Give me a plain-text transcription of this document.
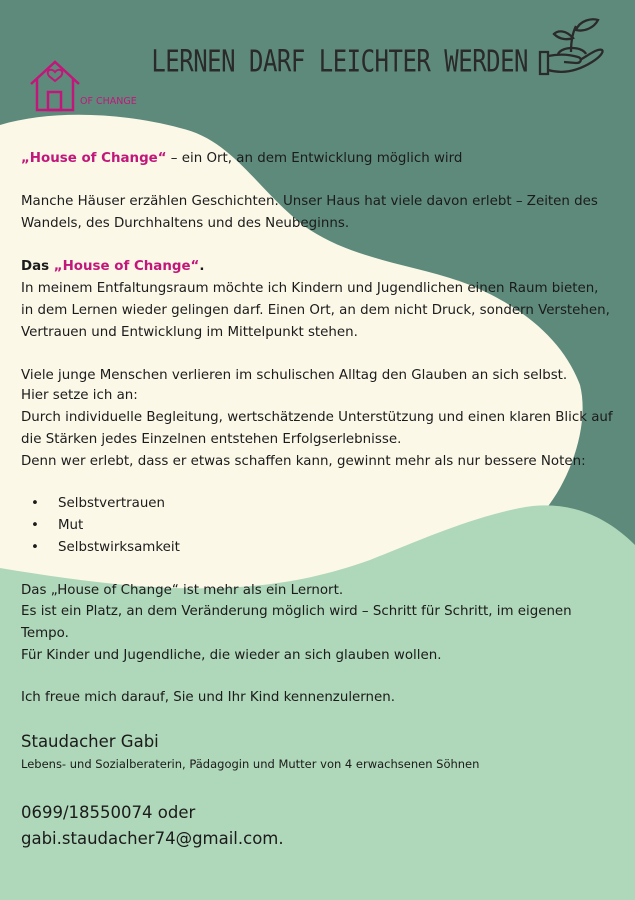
OF CHANGE
LERNEN DARF LEICHTER WERDEN
„House of Change“ – ein Ort, an dem Entwicklung möglich wird
Manche Häuser erzählen Geschichten. Unser Haus hat viele davon erlebt – Zeiten des
Wandels, des Durchhaltens und des Neubeginns.
Das „House of Change“.
In meinem Entfaltungsraum möchte ich Kindern und Jugendlichen einen Raum bieten,
in dem Lernen wieder gelingen darf. Einen Ort, an dem nicht Druck, sondern Verstehen,
Vertrauen und Entwicklung im Mittelpunkt stehen.
Viele junge Menschen verlieren im schulischen Alltag den Glauben an sich selbst.
Hier setze ich an:
Durch individuelle Begleitung, wertschätzende Unterstützung und einen klaren Blick auf
die Stärken jedes Einzelnen entstehen Erfolgserlebnisse.
Denn wer erlebt, dass er etwas schaffen kann, gewinnt mehr als nur bessere Noten:
Selbstvertrauen
Mut
Selbstwirksamkeit
Das „House of Change“ ist mehr als ein Lernort.
Es ist ein Platz, an dem Veränderung möglich wird – Schritt für Schritt, im eigenen
Tempo.
Für Kinder und Jugendliche, die wieder an sich glauben wollen.
Ich freue mich darauf, Sie und Ihr Kind kennenzulernen.
Staudacher Gabi
Lebens- und Sozialberaterin, Pädagogin und Mutter von 4 erwachsenen Söhnen
0699/18550074 oder
gabi.staudacher74@gmail.com.
